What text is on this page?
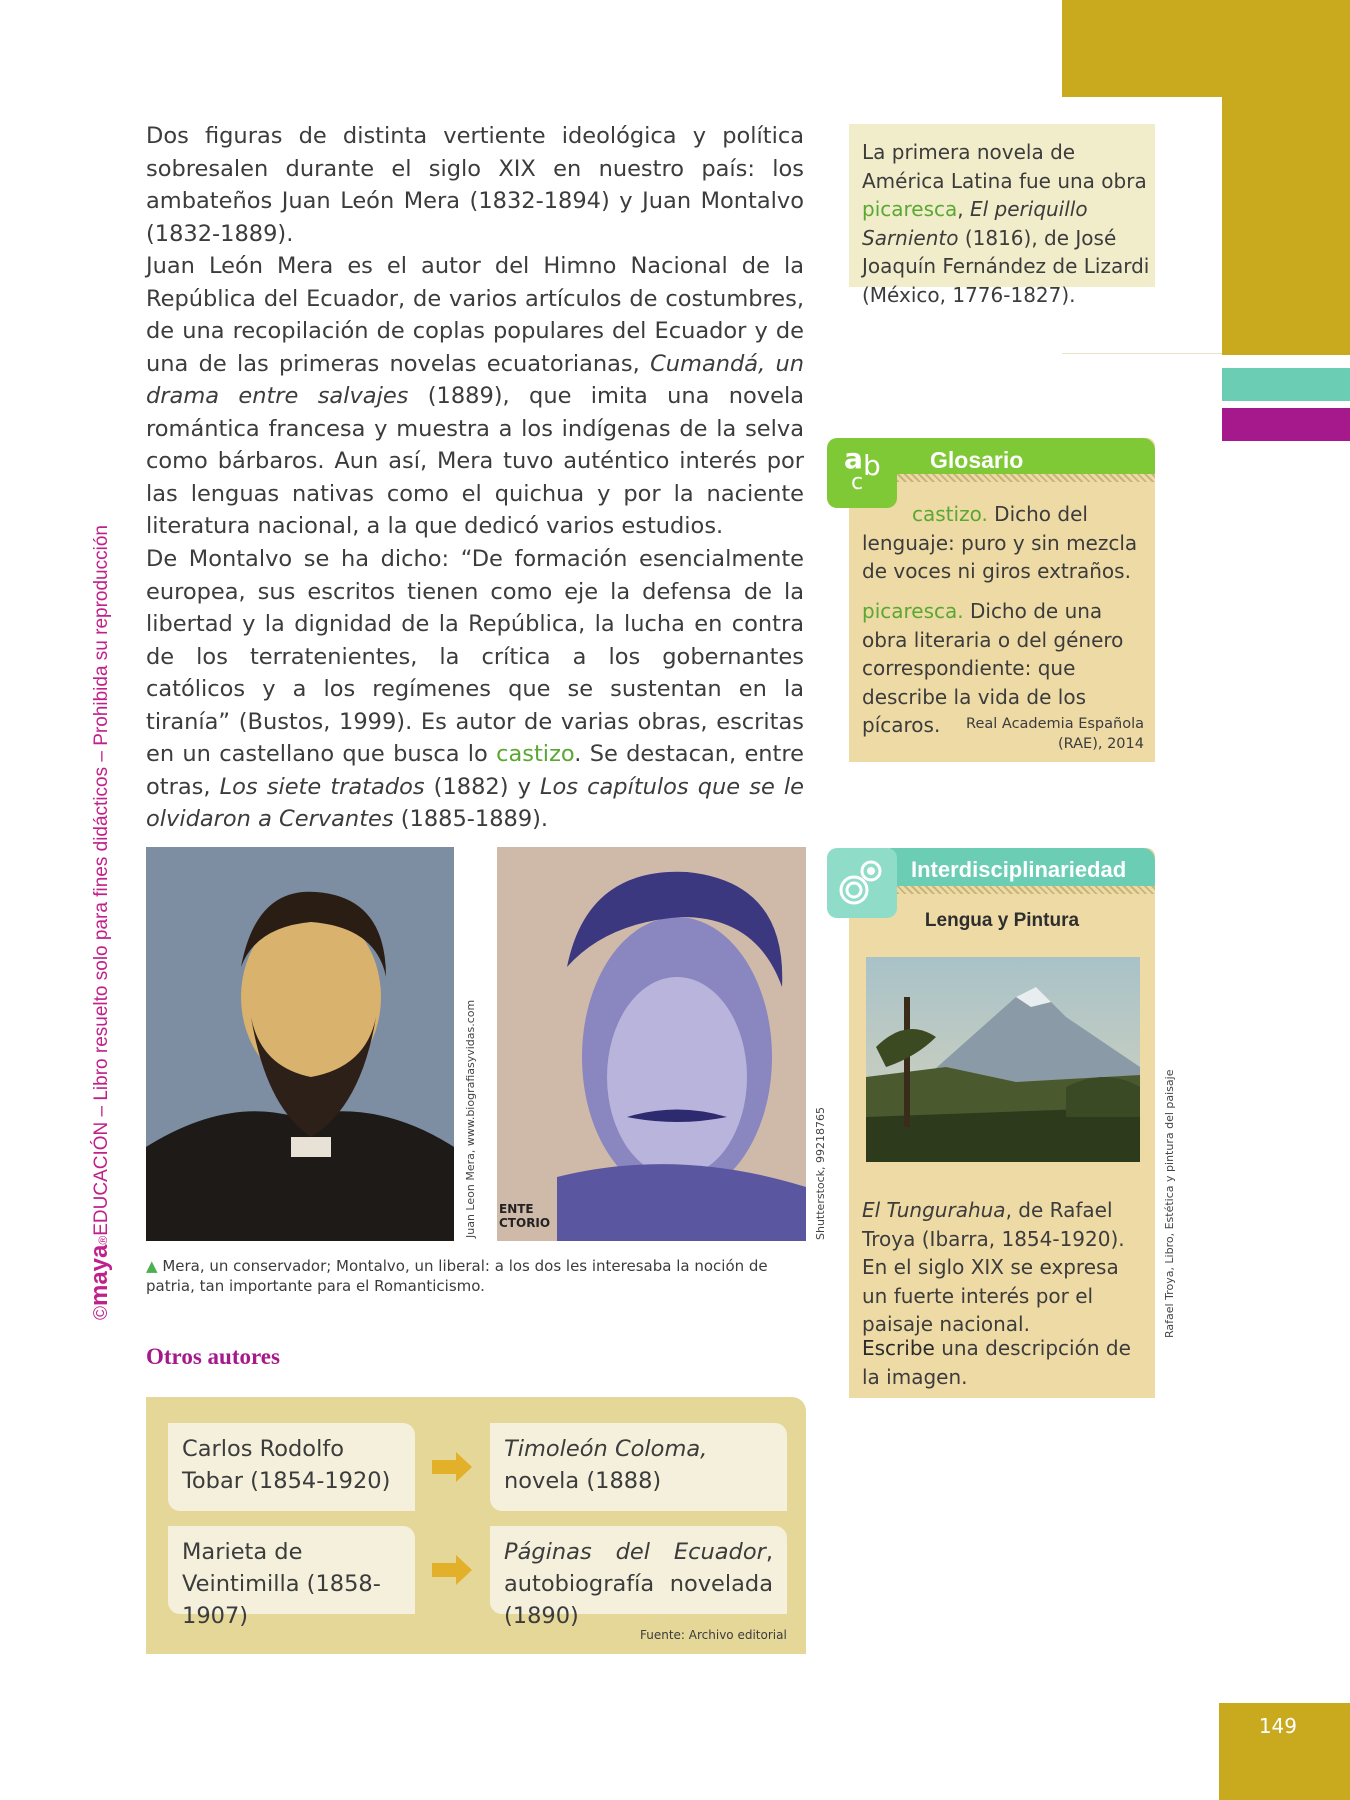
©maya®EDUCACIÓN – Libro resuelto solo para fines didácticos – Prohibida su reproducción
Dos figuras de distinta vertiente ideológica y política sobresalen durante el siglo XIX en nuestro país: los ambateños Juan León Mera (1832-1894) y Juan Montalvo (1832-1889).
Juan León Mera es el autor del Himno Nacional de la República del Ecuador, de varios artículos de costumbres, de una recopilación de coplas populares del Ecuador y de una de las primeras novelas ecuatorianas, Cumandá, un drama entre salvajes (1889), que imita una novela romántica francesa y muestra a los indígenas de la selva como bárbaros. Aun así, Mera tuvo auténtico interés por las lenguas nativas como el quichua y por la naciente literatura nacional, a la que dedicó varios estudios.
De Montalvo se ha dicho: “De formación esencialmente europea, sus escritos tienen como eje la defensa de la libertad y la dignidad de la República, la lucha en contra de los terratenientes, la crítica a los gobernantes católicos y a los regímenes que se sustentan en la tiranía” (Bustos, 1999). Es autor de varias obras, escritas en un castellano que busca lo castizo. Se destacan, entre otras, Los siete tratados (1882) y Los capítulos que se le olvidaron a Cervantes (1885-1889).
La primera novela de América Latina fue una obra picaresca, El periquillo Sarniento (1816), de José Joaquín Fernández de Lizardi (México, 1776-1827).
a b
c
Glosario
castizo. Dicho del lenguaje: puro y sin mezcla de voces ni giros extraños.
picaresca. Dicho de una obra literaria o del género correspondiente: que describe la vida de los pícaros.	Real Academia Española
(RAE), 2014
Interdisciplinariedad
Lengua y Pintura
El Tungurahua, de Rafael Troya (Ibarra, 1854-1920). En el siglo XIX se expresa un fuerte interés por el paisaje nacional.
Escribe una descripción de la imagen.
Rafael Troya, Libro, Estética y pintura del paisaje
Juan Leon Mera, www.biografiasyvidas.com ENTE
CTORIO	Shutterstock, 99218765
▲ Mera, un conservador; Montalvo, un liberal: a los dos les interesaba la noción de patria, tan importante para el Romanticismo.
Otros autores
Carlos Rodolfo Tobar (1854-1920)
Timoleón Coloma,
novela (1888)
Marieta de Veintimilla (1858-1907)
Páginas del Ecuador, autobiografía novelada (1890)
Fuente: Archivo editorial
149
